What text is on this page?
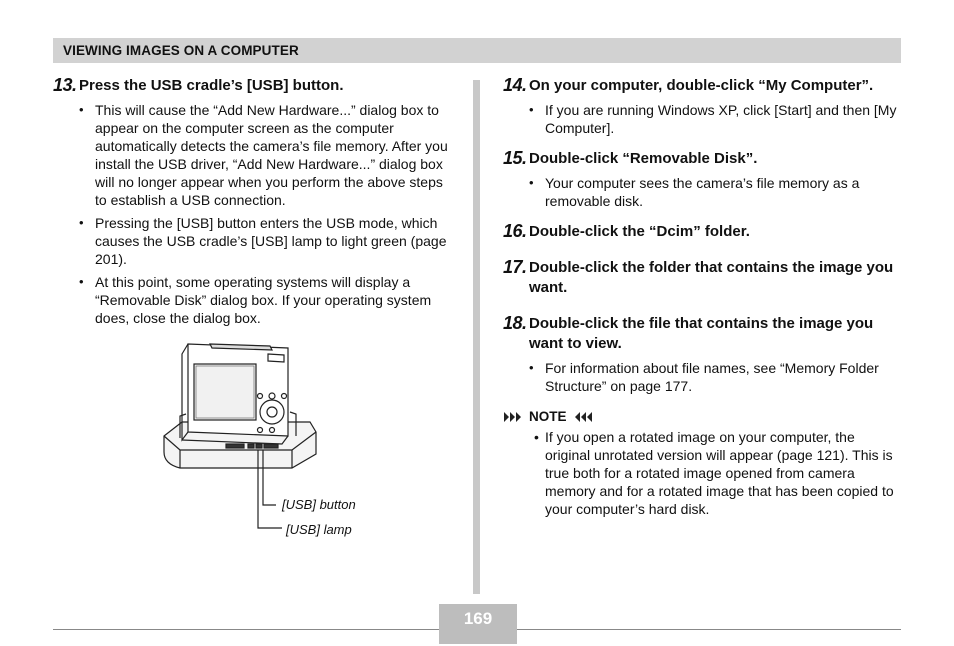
VIEWING IMAGES ON A COMPUTER
13. Press the USB cradle’s [USB] button.
• This will cause the “Add New Hardware...” dialog box to appear on the computer screen as the computer automatically detects the camera’s file memory. After you install the USB driver, “Add New Hardware...” dialog box will no longer appear when you perform the above steps to establish a USB connection.
• Pressing the [USB] button enters the USB mode, which causes the USB cradle’s [USB] lamp to light green (page 201).
• At this point, some operating systems will display a “Removable Disk” dialog box. If your operating system does, close the dialog box.
[USB] button
[USB] lamp
14. On your computer, double-click “My Computer”.
• If you are running Windows XP, click [Start] and then [My Computer].
15. Double-click “Removable Disk”.
• Your computer sees the camera’s file memory as a removable disk.
16. Double-click the “Dcim” folder.
17. Double-click the folder that contains the image you want.
18. Double-click the file that contains the image you want to view.
• For information about file names, see “Memory Folder Structure” on page 177.
NOTE
• If you open a rotated image on your computer, the original unrotated version will appear (page 121). This is true both for a rotated image opened from camera memory and for a rotated image that has been copied to your computer’s hard disk.
169
